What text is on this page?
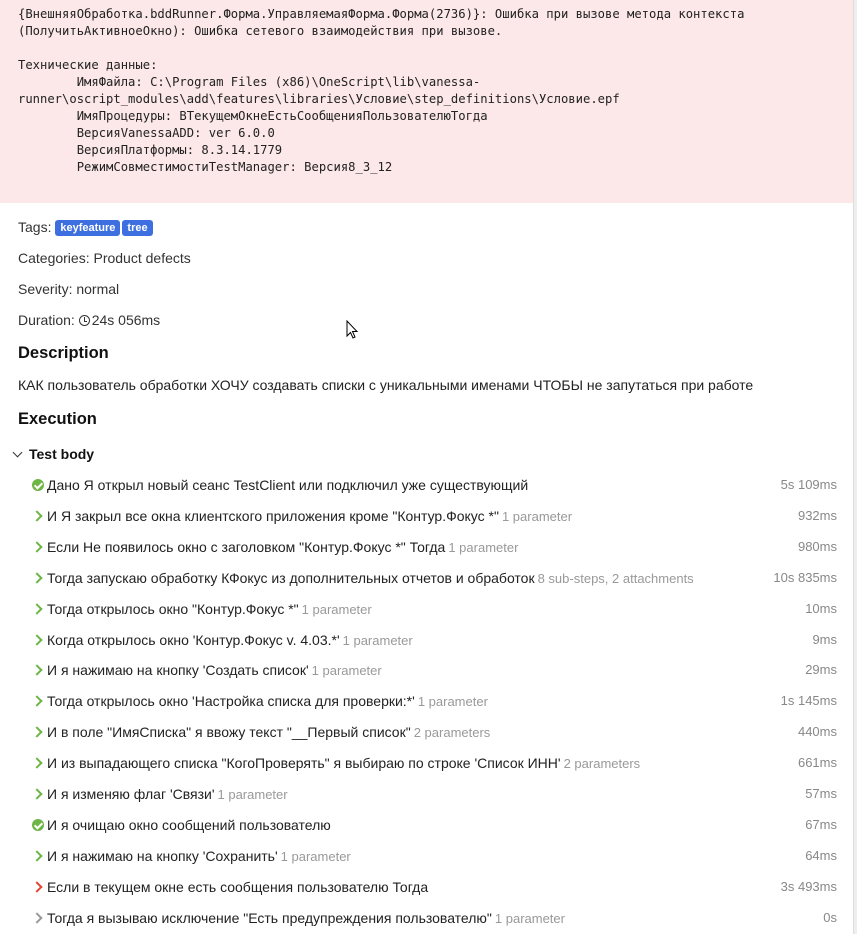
{ВнешняяОбработка.bddRunner.Форма.УправляемаяФорма.Форма(2736)}: Ошибка при вызове метода контекста
(ПолучитьАктивноеОкно): Ошибка сетевого взаимодействия при вызове.

Технические данные:
ИмяФайла: C:\Program Files (x86)\OneScript\lib\vanessa-
runner\oscript_modules\add\features\libraries\Условие\step_definitions\Условие.epf
ИмяПроцедуры: ВТекущемОкнеЕстьСообщенияПользователюТогда
ВерсияVanessaADD: ver 6.0.0
ВерсияПлатформы: 8.3.14.1779
РежимСовместимостиTestManager: Версия8_3_12
Tags: keyfeature tree
Categories: Product defects
Severity: normal
Duration: 24s 056ms
Description
КАК пользователь обработки ХОЧУ создавать списки с уникальными именами ЧТОБЫ не запутаться при работе
Execution
Test body
Дано Я открыл новый сеанс TestClient или подключил уже существующий	5s 109ms
И Я закрыл все окна клиентского приложения кроме "Контур.Фокус *" 1 parameter	932ms
Если Не появилось окно с заголовком "Контур.Фокус *" Тогда 1 parameter	980ms
Тогда запускаю обработку КФокус из дополнительных отчетов и обработок 8 sub-steps, 2 attachments	10s 835ms
Тогда открылось окно "Контур.Фокус *" 1 parameter	10ms
Когда открылось окно 'Контур.Фокус v. 4.03.*' 1 parameter	9ms
И я нажимаю на кнопку 'Создать список' 1 parameter	29ms
Тогда открылось окно 'Настройка списка для проверки:*' 1 parameter	1s 145ms
И в поле "ИмяСписка" я ввожу текст "__Первый список" 2 parameters	440ms
И из выпадающего списка "КогоПроверять" я выбираю по строке 'Список ИНН' 2 parameters	661ms
И я изменяю флаг 'Связи' 1 parameter	57ms
И я очищаю окно сообщений пользователю	67ms
И я нажимаю на кнопку 'Сохранить' 1 parameter	64ms
Если в текущем окне есть сообщения пользователю Тогда	3s 493ms
Тогда я вызываю исключение "Есть предупреждения пользователю" 1 parameter	0s
